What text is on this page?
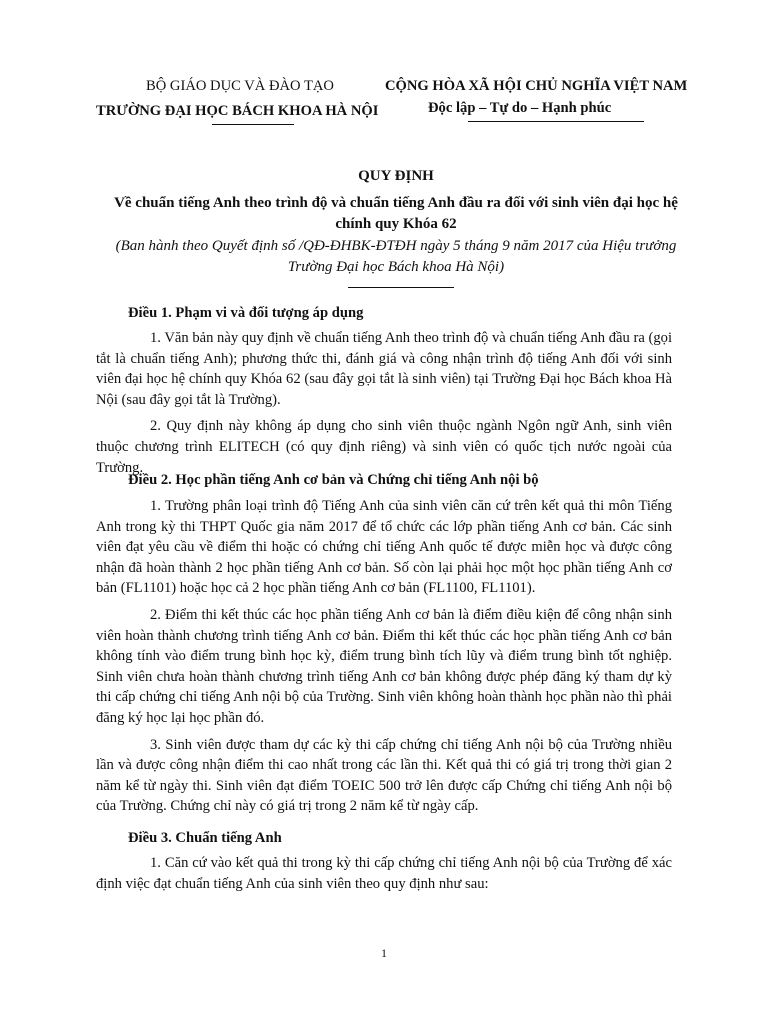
BỘ GIÁO DỤC VÀ ĐÀO TẠO
TRƯỜNG ĐẠI HỌC BÁCH KHOA HÀ NỘI
CỘNG HÒA XÃ HỘI CHỦ NGHĨA VIỆT NAM
Độc lập – Tự do – Hạnh phúc
QUY ĐỊNH
Về chuẩn tiếng Anh theo trình độ và chuẩn tiếng Anh đầu ra đối với sinh viên đại học hệ chính quy Khóa 62
(Ban hành theo Quyết định số /QĐ-ĐHBK-ĐTĐH ngày 5 tháng 9 năm 2017 của Hiệu trưởng Trường Đại học Bách khoa Hà Nội)
Điều 1. Phạm vi và đối tượng áp dụng

1. Văn bản này quy định về chuẩn tiếng Anh theo trình độ và chuẩn tiếng Anh đầu ra (gọi tắt là chuẩn tiếng Anh); phương thức thi, đánh giá và công nhận trình độ tiếng Anh đối với sinh viên đại học hệ chính quy Khóa 62 (sau đây gọi tắt là sinh viên) tại Trường Đại học Bách khoa Hà Nội (sau đây gọi tắt là Trường).

2. Quy định này không áp dụng cho sinh viên thuộc ngành Ngôn ngữ Anh, sinh viên thuộc chương trình ELITECH (có quy định riêng) và sinh viên có quốc tịch nước ngoài của Trường.

Điều 2. Học phần tiếng Anh cơ bản và Chứng chỉ tiếng Anh nội bộ

1. Trường phân loại trình độ Tiếng Anh của sinh viên căn cứ trên kết quả thi môn Tiếng Anh trong kỳ thi THPT Quốc gia năm 2017 để tổ chức các lớp phần tiếng Anh cơ bản. Các sinh viên đạt yêu cầu về điểm thi hoặc có chứng chỉ tiếng Anh quốc tế được miễn học và được công nhận đã hoàn thành 2 học phần tiếng Anh cơ bản. Số còn lại phải học một học phần tiếng Anh cơ bản (FL1101) hoặc học cả 2 học phần tiếng Anh cơ bản (FL1100, FL1101).

2. Điểm thi kết thúc các học phần tiếng Anh cơ bản là điểm điều kiện để công nhận sinh viên hoàn thành chương trình tiếng Anh cơ bản. Điểm thi kết thúc các học phần tiếng Anh cơ bản không tính vào điểm trung bình học kỳ, điểm trung bình tích lũy và điểm trung bình tốt nghiệp. Sinh viên chưa hoàn thành chương trình tiếng Anh cơ bản không được phép đăng ký tham dự kỳ thi cấp chứng chỉ tiếng Anh nội bộ của Trường. Sinh viên không hoàn thành học phần nào thì phải đăng ký học lại học phần đó.

3. Sinh viên được tham dự các kỳ thi cấp chứng chỉ tiếng Anh nội bộ của Trường nhiều lần và được công nhận điểm thi cao nhất trong các lần thi. Kết quả thi có giá trị trong thời gian 2 năm kể từ ngày thi. Sinh viên đạt điểm TOEIC 500 trở lên được cấp Chứng chỉ tiếng Anh nội bộ của Trường. Chứng chỉ này có giá trị trong 2 năm kể từ ngày cấp.

Điều 3. Chuẩn tiếng Anh

1. Căn cứ vào kết quả thi trong kỳ thi cấp chứng chỉ tiếng Anh nội bộ của Trường để xác định việc đạt chuẩn tiếng Anh của sinh viên theo quy định như sau:

1
